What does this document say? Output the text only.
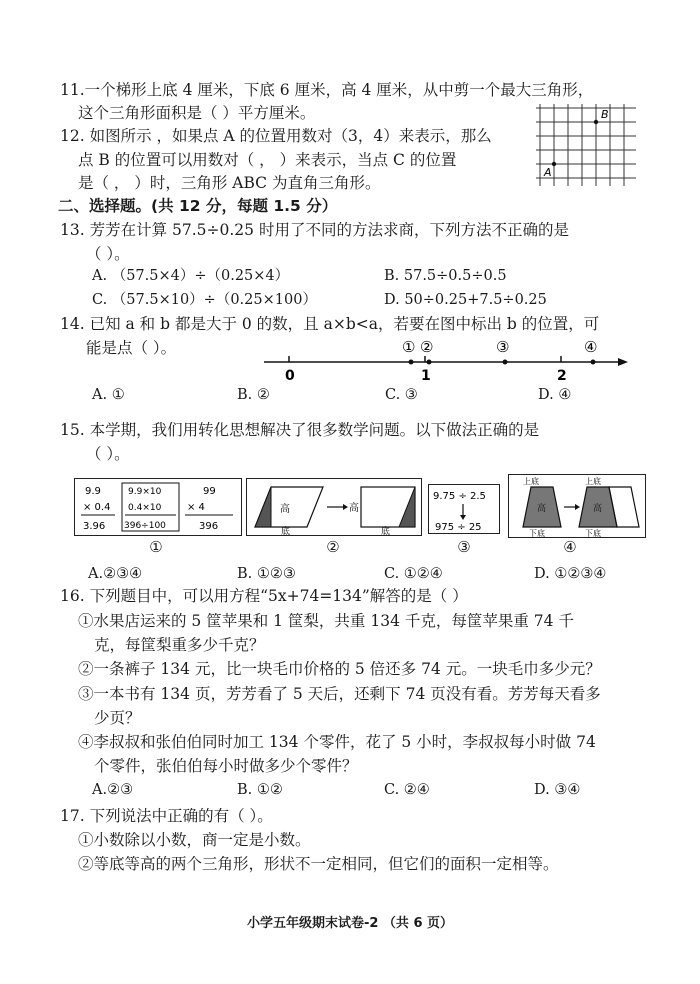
11.一个梯形上底 4 厘米，下底 6 厘米，高 4 厘米，从中剪一个最大三角形，
这个三角形面积是（ ）平方厘米。
12. 如图所示 ，如果点 A 的位置用数对（3，4）来表示，那么
点 B 的位置可以用数对（ ， ）来表示，当点 C 的位置
是（ ， ）时，三角形 ABC 为直角三角形。
B
A
二、选择题。(共 12 分，每题 1.5 分）
13. 芳芳在计算 57.5÷0.25 时用了不同的方法求商，下列方法不正确的是
（ ）。
A. （57.5×4）÷（0.25×4）	B. 57.5÷0.5÷0.5
C. （57.5×10）÷（0.25×100）	D. 50÷0.25+7.5÷0.25
14. 已知 a 和 b 都是大于 0 的数，且 a×b<a，若要在图中标出 b 的位置，可
能是点（ ）。
0	1	2
① ②	③	④
A. ①	B. ②	C. ③	D. ④
15. 本学期，我们用转化思想解决了很多数学问题。以下做法正确的是
（ ）。
9.9
× 0.4
3.96
9.9×10
0.4×10
396÷100
99
× 4
396
①
高
底
高
底
②
9.75 ÷ 2.5
975 ÷ 25
③
上底	上底
高
下底
高
下底
④
A.②③④	B. ①②③	C. ①②④	D. ①②③④
16. 下列题目中，可以用方程“5x+74=134”解答的是（ ）
①水果店运来的 5 筐苹果和 1 筐梨，共重 134 千克，每筐苹果重 74 千
克，每筐梨重多少千克？
②一条裤子 134 元，比一块毛巾价格的 5 倍还多 74 元。一块毛巾多少元？
③一本书有 134 页，芳芳看了 5 天后，还剩下 74 页没有看。芳芳每天看多
少页？
④李叔叔和张伯伯同时加工 134 个零件，花了 5 小时，李叔叔每小时做 74
个零件，张伯伯每小时做多少个零件？
A.②③	B. ①②	C. ②④	D. ③④
17. 下列说法中正确的有（ ）。
①小数除以小数，商一定是小数。
②等底等高的两个三角形，形状不一定相同，但它们的面积一定相等。
小学五年级期末试卷-2 （共 6 页）
